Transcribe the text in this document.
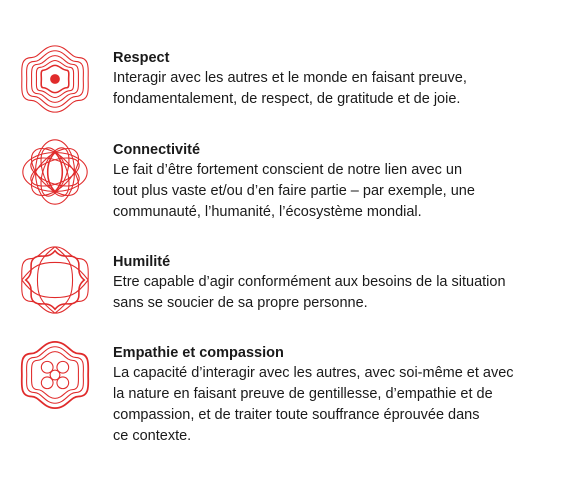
Respect

Interagir avec les autres et le monde en faisant preuve,

fondamentalement, de respect, de gratitude et de joie.

Connectivité

Le fait d’être fortement conscient de notre lien avec un

tout plus vaste et/ou d’en faire partie – par exemple, une

communauté, l’humanité, l’écosystème mondial.

Humilité

Etre capable d’agir conformément aux besoins de la situation

sans se soucier de sa propre personne.

Empathie et compassion

La capacité d’interagir avec les autres, avec soi-même et avec

la nature en faisant preuve de gentillesse, d’empathie et de

compassion, et de traiter toute souffrance éprouvée dans

ce contexte.
